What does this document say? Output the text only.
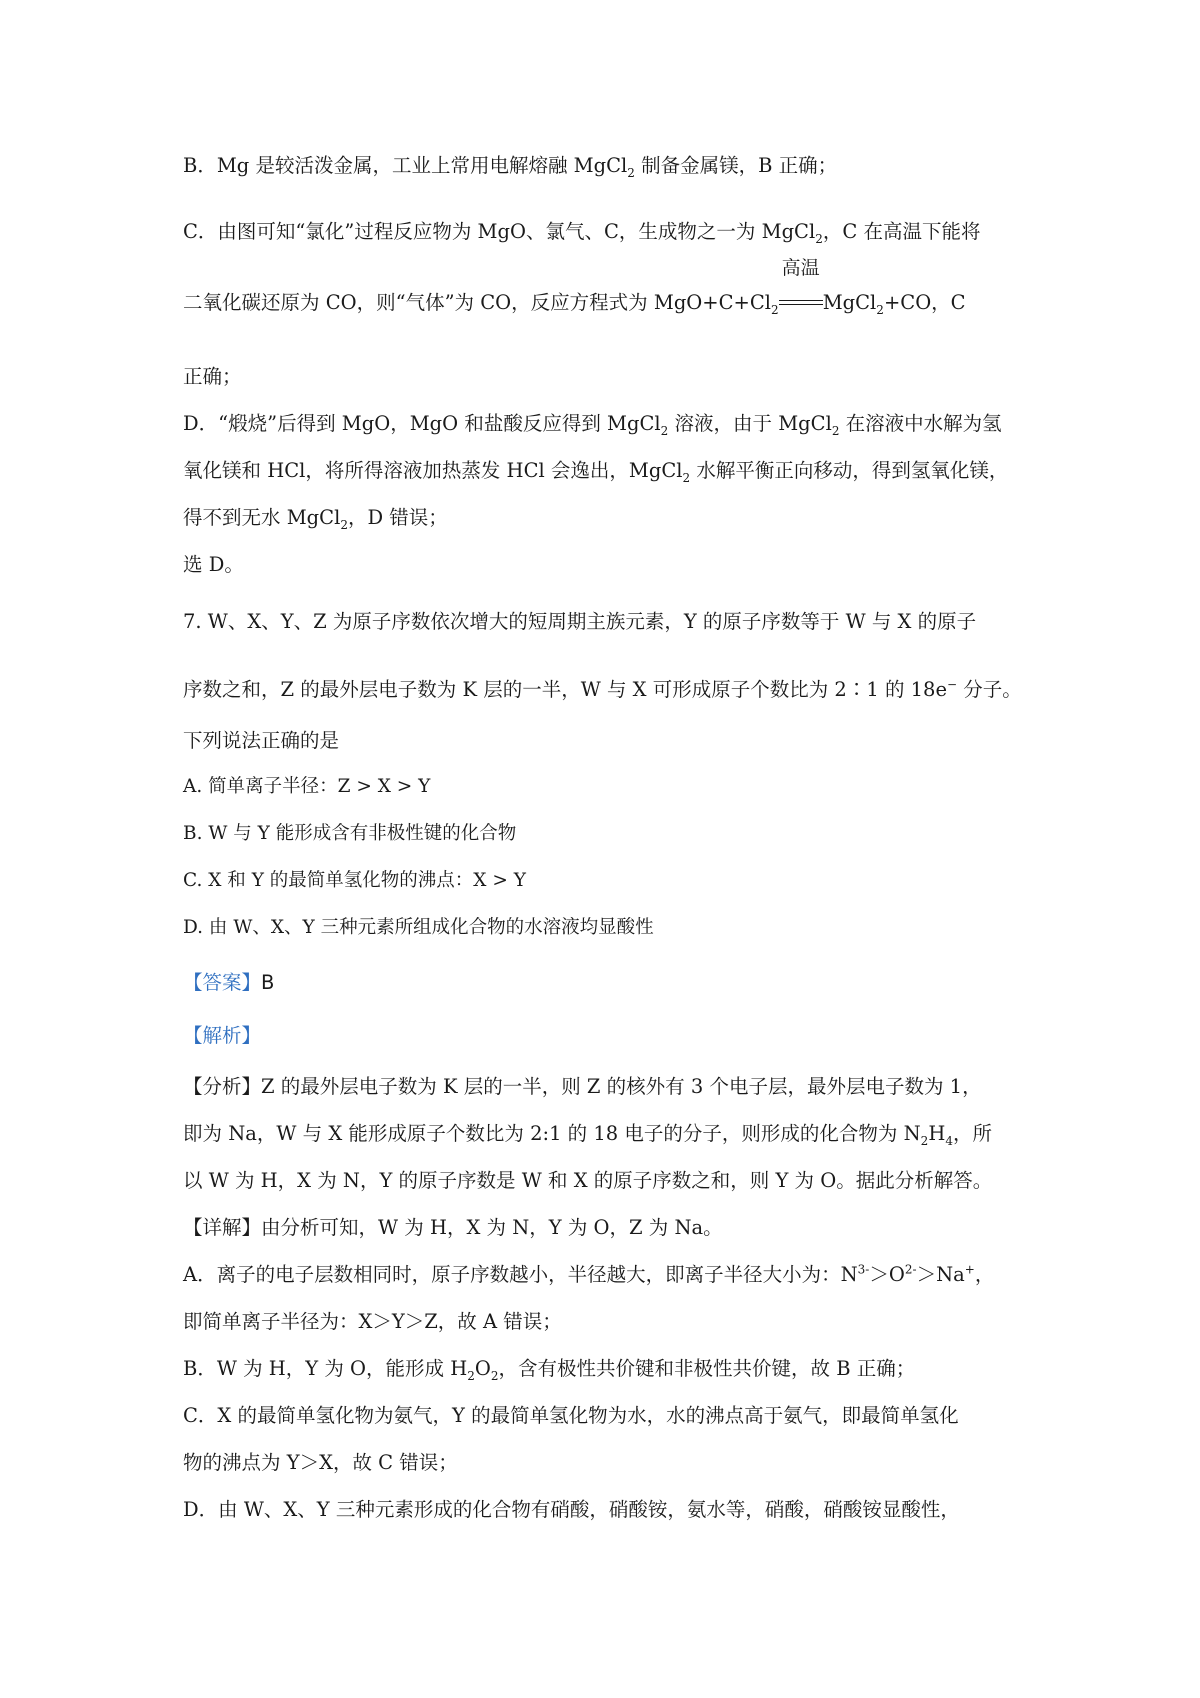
B．Mg 是较活泼金属，工业上常用电解熔融 MgCl$_2$ 制备金属镁，B 正确；
C．由图可知“氯化”过程反应物为 MgO、氯气、C，生成物之一为 MgCl$_2$，C 在高温下能将
二氧化碳还原为 CO，则“气体”为 CO，反应方程式为 $MgO+C+Cl_2$
高温
MgCl$_2$+CO，C
正确；
D．“煅烧”后得到 MgO，MgO 和盐酸反应得到 MgCl$_2$ 溶液，由于 MgCl$_2$ 在溶液中水解为氢
氧化镁和 HCl，将所得溶液加热蒸发 HCl 会逸出，MgCl$_2$ 水解平衡正向移动，得到氢氧化镁，
得不到无水 MgCl$_2$，D 错误；
选 D。
7. W、X、Y、Z 为原子序数依次增大的短周期主族元素，Y 的原子序数等于 W 与 X 的原子
序数之和，Z 的最外层电子数为 K 层的一半，W 与 X 可形成原子个数比为 2∶1 的 18e− 分子。
下列说法正确的是
A. 简单离子半径：Z > X > Y
B. W 与 Y 能形成含有非极性键的化合物
C. X 和 Y 的最简单氢化物的沸点：X > Y
D. 由 W、X、Y 三种元素所组成化合物的水溶液均显酸性
【答案】B
【解析】
【分析】Z 的最外层电子数为 K 层的一半，则 Z 的核外有 3 个电子层，最外层电子数为 1，
即为 Na，W 与 X 能形成原子个数比为 2:1 的 18 电子的分子，则形成的化合物为 $N_2H_4$，所
以 W 为 H，X 为 N，Y 的原子序数是 W 和 X 的原子序数之和，则 Y 为 O。据此分析解答。
【详解】由分析可知，W 为 H，X 为 N，Y 为 O，Z 为 Na。
A．离子的电子层数相同时，原子序数越小，半径越大，即离子半径大小为：$N^{3-}>O^{2-}>Na^+$，
即简单离子半径为：X＞Y＞Z，故 A 错误；
B．W 为 H，Y 为 O，能形成 $H_2O_2$，含有极性共价键和非极性共价键，故 B 正确；
C．X 的最简单氢化物为氨气，Y 的最简单氢化物为水，水的沸点高于氨气，即最简单氢化
物的沸点为 Y＞X，故 C 错误；
D．由 W、X、Y 三种元素形成的化合物有硝酸，硝酸铵，氨水等，硝酸，硝酸铵显酸性，
